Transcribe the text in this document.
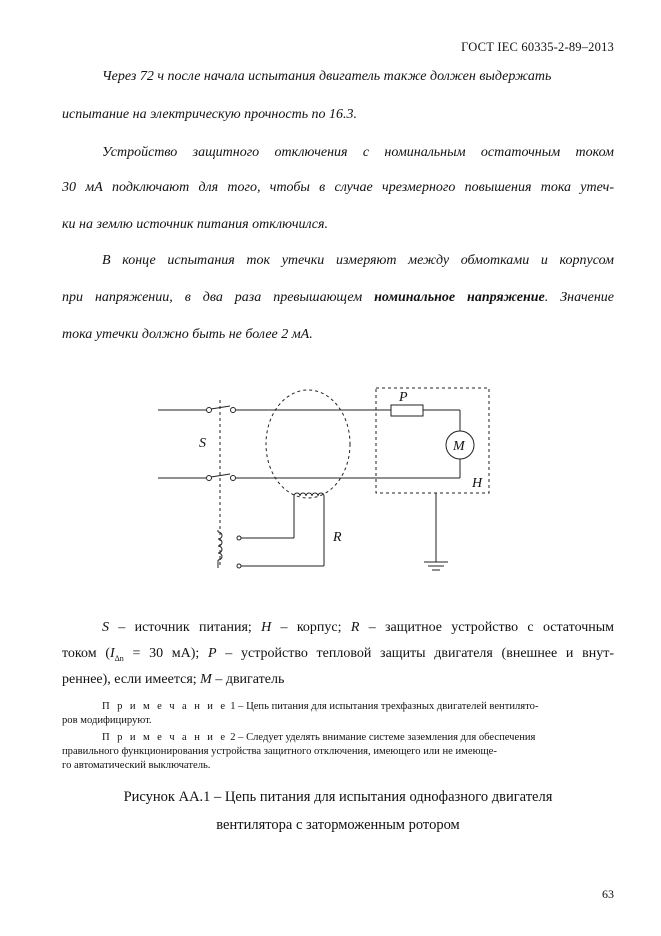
ГОСТ IEC 60335-2-89–2013
Через 72 ч после начала испытания двигатель также должен выдержать
испытание на электрическую прочность по 16.3.
Устройство защитного отключения с номинальным остаточным током
30 мА подключают для того, чтобы в случае чрезмерного повышения тока утеч-
ки на землю источник питания отключился.
В конце испытания ток утечки измеряют между обмотками и корпусом
при напряжении, в два раза превышающем номинальное напряжение. Значение
тока утечки должно быть не более 2 мА.
S
P
M
H
R
S – источник питания; H – корпус; R – защитное устройство с остаточным
током ($I_{\Delta n} = 30$ мА); P – устройство тепловой защиты двигателя (внешнее и внут-
реннее), если имеется; M – двигатель
П р и м е ч а н и е 1 – Цепь питания для испытания трехфазных двигателей вентилято-
ров модифицируют.
П р и м е ч а н и е 2 – Следует уделять внимание системе заземления для обеспечения
правильного функционирования устройства защитного отключения, имеющего или не имеюще-
го автоматический выключатель.
Рисунок АА.1 – Цепь питания для испытания однофазного двигателя
вентилятора с заторможенным ротором
63
